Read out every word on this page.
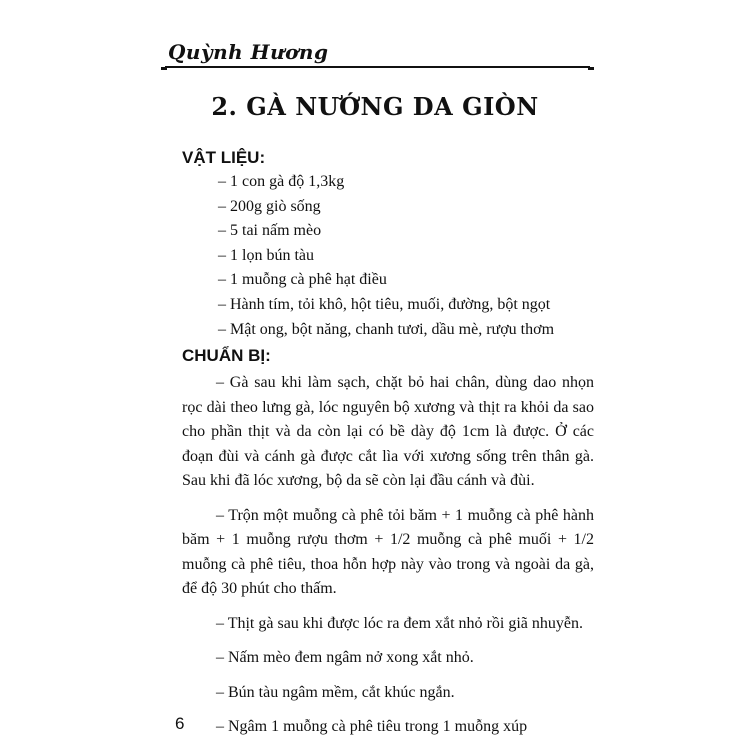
Quỳnh Hương
2. GÀ NƯỚNG DA GIÒN
VẬT LIỆU:
– 1 con gà độ 1,3kg
– 200g giò sống
– 5 tai nấm mèo
– 1 lọn bún tàu
– 1 muỗng cà phê hạt điều
– Hành tím, tỏi khô, hột tiêu, muối, đường, bột ngọt
– Mật ong, bột năng, chanh tươi, dầu mè, rượu thơm
CHUẨN BỊ:

– Gà sau khi làm sạch, chặt bỏ hai chân, dùng dao nhọn rọc dài theo lưng gà, lóc nguyên bộ xương và thịt ra khỏi da sao cho phần thịt và da còn lại có bề dày độ 1cm là được. Ở các đoạn đùi và cánh gà được cắt lìa với xương sống trên thân gà. Sau khi đã lóc xương, bộ da sẽ còn lại đầu cánh và đùi.

– Trộn một muỗng cà phê tỏi băm + 1 muỗng cà phê hành băm + 1 muỗng rượu thơm + 1/2 muỗng cà phê muối + 1/2 muỗng cà phê tiêu, thoa hỗn hợp này vào trong và ngoài da gà, để độ 30 phút cho thấm.

– Thịt gà sau khi được lóc ra đem xắt nhỏ rồi giã nhuyễn.

– Nấm mèo đem ngâm nở xong xắt nhỏ.

– Bún tàu ngâm mềm, cắt khúc ngắn.

– Ngâm 1 muỗng cà phê tiêu trong 1 muỗng xúp

6
